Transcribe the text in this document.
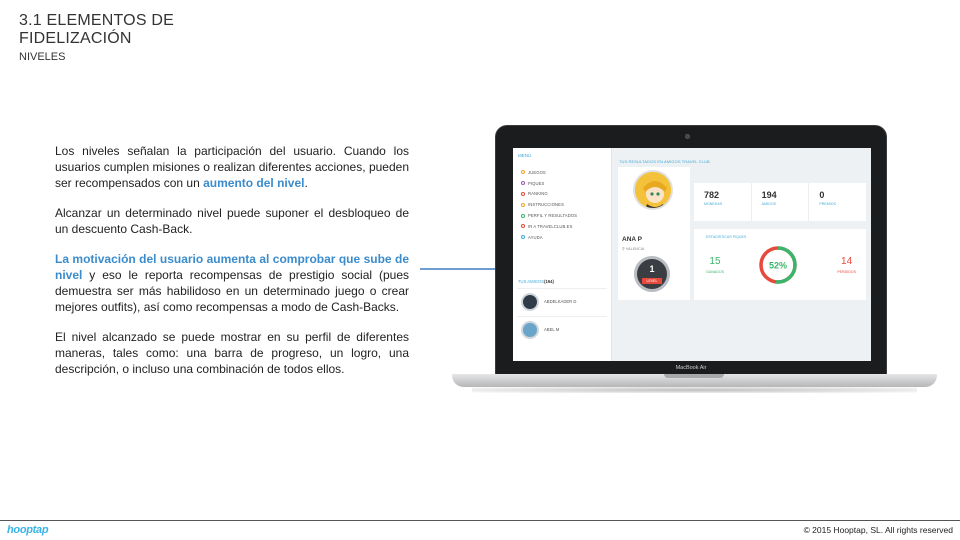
3.1 ELEMENTOS DE
FIDELIZACIÓN
NIVELES

Los niveles señalan la participación del usuario. Cuando los usuarios cumplen misiones o realizan diferentes acciones, pueden ser recompensados con un aumento del nivel.

Alcanzar un determinado nivel puede suponer el desbloqueo de un descuento Cash-Back.

La motivación del usuario aumenta al comprobar que sube de nivel y eso le reporta recompensas de prestigio social (pues demuestra ser más habilidoso en un determinado juego o crear mejores outfits), así como recompensas a modo de Cash-Backs.

El nivel alcanzado se puede mostrar en su perfil de diferentes maneras, tales como: una barra de progreso, un logro, una descripción, o incluso una combinación de todos ellos.	MacBook Air
MENÚ
JUEGOS
PIQUES
RANKING
INSTRUCCIONES
PERFIL Y RESULTADOS
IR A TRAVELCLUB.ES
AYUDA
TUS AMIGOS(194)
ABDELKADER D
ABEL M
TUS RESULTADOS EN AMIGOS TRAVEL CLUB
ANA P
⚲ VALENCIA
1
LEVEL
782
MONEDAS
194
AMIGOS
0
PREMIOS
ESTADÍSTICAS PIQUES
15
GANADOS
52%	14
PERDIDOS
hooptap	© 2015 Hooptap, SL. All rights reserved
